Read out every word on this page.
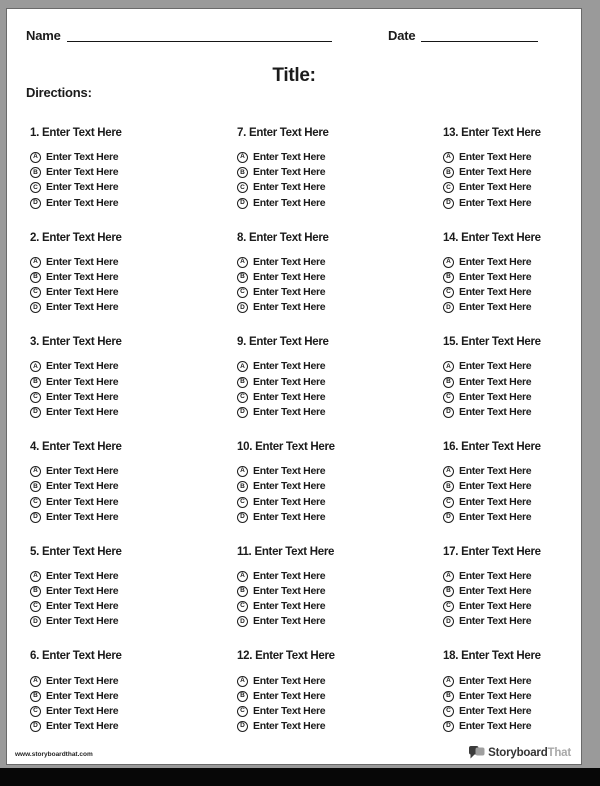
Name	Date
Title:
Directions:
1. Enter Text Here
A Enter Text Here
B Enter Text Here
C Enter Text Here
D Enter Text Here
2. Enter Text Here
A Enter Text Here
B Enter Text Here
C Enter Text Here
D Enter Text Here
3. Enter Text Here
A Enter Text Here
B Enter Text Here
C Enter Text Here
D Enter Text Here
4. Enter Text Here
A Enter Text Here
B Enter Text Here
C Enter Text Here
D Enter Text Here
5. Enter Text Here
A Enter Text Here
B Enter Text Here
C Enter Text Here
D Enter Text Here
6. Enter Text Here
A Enter Text Here
B Enter Text Here
C Enter Text Here
D Enter Text Here
7. Enter Text Here
A Enter Text Here
B Enter Text Here
C Enter Text Here
D Enter Text Here
8. Enter Text Here
A Enter Text Here
B Enter Text Here
C Enter Text Here
D Enter Text Here
9. Enter Text Here
A Enter Text Here
B Enter Text Here
C Enter Text Here
D Enter Text Here
10. Enter Text Here
A Enter Text Here
B Enter Text Here
C Enter Text Here
D Enter Text Here
11. Enter Text Here
A Enter Text Here
B Enter Text Here
C Enter Text Here
D Enter Text Here
12. Enter Text Here
A Enter Text Here
B Enter Text Here
C Enter Text Here
D Enter Text Here
13. Enter Text Here
A Enter Text Here
B Enter Text Here
C Enter Text Here
D Enter Text Here
14. Enter Text Here
A Enter Text Here
B Enter Text Here
C Enter Text Here
D Enter Text Here
15. Enter Text Here
A Enter Text Here
B Enter Text Here
C Enter Text Here
D Enter Text Here
16. Enter Text Here
A Enter Text Here
B Enter Text Here
C Enter Text Here
D Enter Text Here
17. Enter Text Here
A Enter Text Here
B Enter Text Here
C Enter Text Here
D Enter Text Here
18. Enter Text Here
A Enter Text Here
B Enter Text Here
C Enter Text Here
D Enter Text Here
www.storyboardthat.com	Storyboard That
